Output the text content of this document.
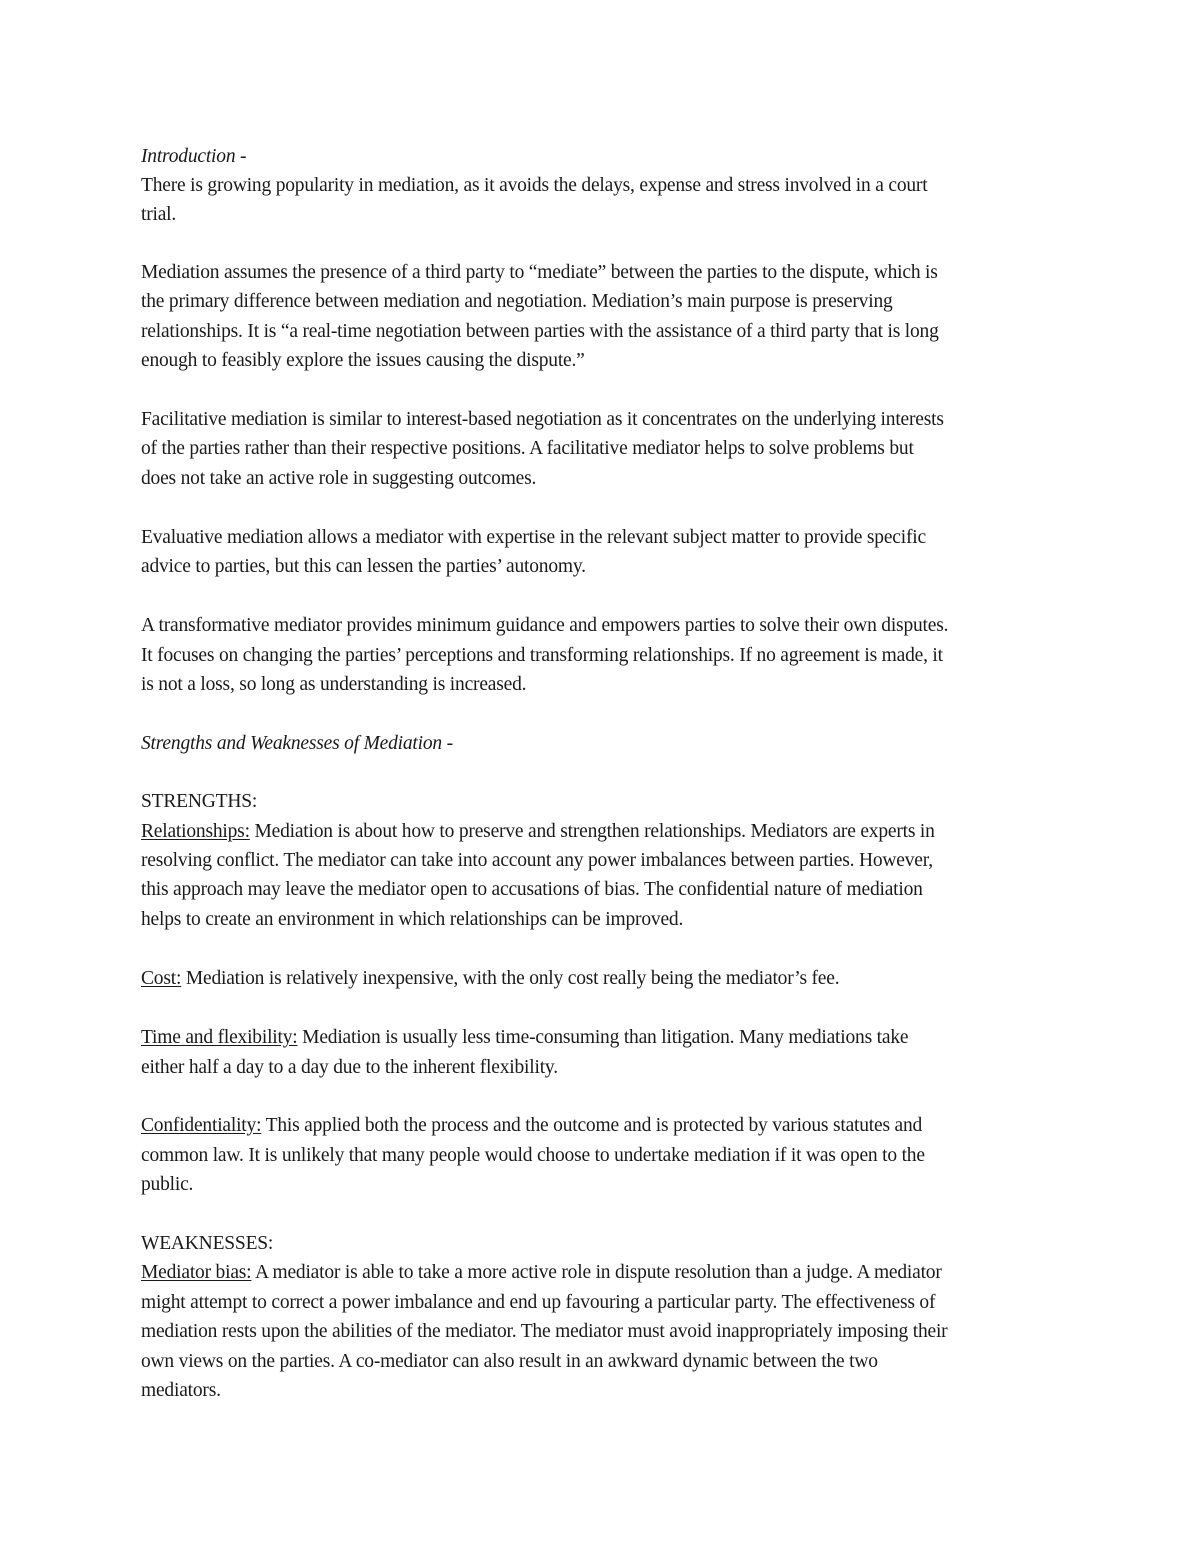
Introduction -
There is growing popularity in mediation, as it avoids the delays, expense and stress involved in a court
trial.
Mediation assumes the presence of a third party to “mediate” between the parties to the dispute, which is
the primary difference between mediation and negotiation. Mediation’s main purpose is preserving
relationships. It is “a real-time negotiation between parties with the assistance of a third party that is long
enough to feasibly explore the issues causing the dispute.”
Facilitative mediation is similar to interest-based negotiation as it concentrates on the underlying interests
of the parties rather than their respective positions. A facilitative mediator helps to solve problems but
does not take an active role in suggesting outcomes.
Evaluative mediation allows a mediator with expertise in the relevant subject matter to provide specific
advice to parties, but this can lessen the parties’ autonomy.
A transformative mediator provides minimum guidance and empowers parties to solve their own disputes.
It focuses on changing the parties’ perceptions and transforming relationships. If no agreement is made, it
is not a loss, so long as understanding is increased.
Strengths and Weaknesses of Mediation -
STRENGTHS:
Relationships: Mediation is about how to preserve and strengthen relationships. Mediators are experts in
resolving conflict. The mediator can take into account any power imbalances between parties. However,
this approach may leave the mediator open to accusations of bias. The confidential nature of mediation
helps to create an environment in which relationships can be improved.
Cost: Mediation is relatively inexpensive, with the only cost really being the mediator’s fee.
Time and flexibility: Mediation is usually less time-consuming than litigation. Many mediations take
either half a day to a day due to the inherent flexibility.
Confidentiality: This applied both the process and the outcome and is protected by various statutes and
common law. It is unlikely that many people would choose to undertake mediation if it was open to the
public.
WEAKNESSES:
Mediator bias: A mediator is able to take a more active role in dispute resolution than a judge. A mediator
might attempt to correct a power imbalance and end up favouring a particular party. The effectiveness of
mediation rests upon the abilities of the mediator. The mediator must avoid inappropriately imposing their
own views on the parties. A co-mediator can also result in an awkward dynamic between the two
mediators.
